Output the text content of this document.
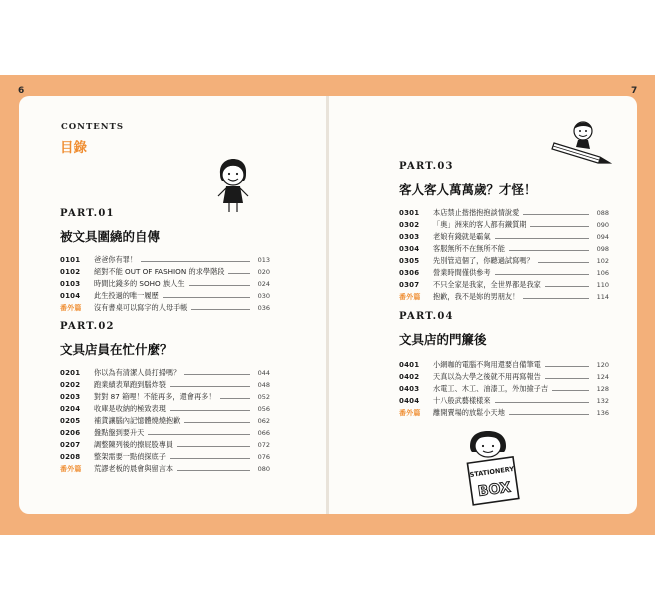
6	7
CONTENTS
目錄
PART.01
被文具圍繞的自傳
0101	爸爸你有罪！	013
0102	絕對不能 OUT OF FASHION 的求學階段	020
0103	時間比錢多的 SOHO 族人生	024
0104	此生投過的唯一履歷	030
番外篇	沒有書桌可以寫字的人母手帳	036
PART.02
文具店員在忙什麼？
0201	你以為有清潔人員打掃嗎？	044
0202	跑業績表單跑到腦炸裂	048
0203	對對 87 箱哩！不能再多，還會再多！	052
0204	收庫是收納的極致表現	056
0205	補貨讓腦內記憶體燒燒抱歉	062
0206	盤點盤到要升天	066
0207	調整陳列後的擦屁股專員	072
0208	整架需要一點偵探底子	076
番外篇	荒謬老板的晨會與留言本	080
PART.03
客人客人萬萬歲？才怪！
0301	本店禁止揩揩抱抱談情說愛	088
0302	「奧」洲來的客人都有鐵質期	090
0303	老娘有錢就是霸氣	094
0304	客服無所不在無所不能	098
0305	先別管這個了，你聽過試寫嗎？	102
0306	營業時間僅供參考	106
0307	不只全家是我家，全世界都是我家	110
番外篇	抱歉，我不是妳的男朋友！	114
PART.04
文具店的門簾後
0401	小網咖的電腦不夠用還要自備筆電	120
0402	天真以為大學之後就不用再寫報告	124
0403	水電工、木工、油漆工，外加撿子吉	128
0404	十八般武藝樣樣來	132
番外篇	離開賣場的放鬆小天地	136
STATIONERY
BOX
